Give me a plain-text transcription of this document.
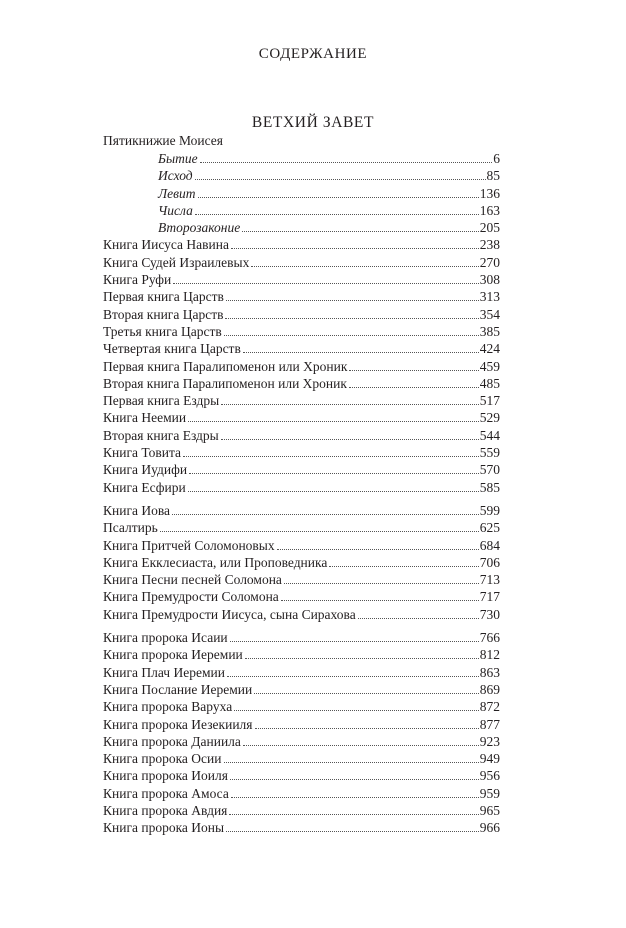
СОДЕРЖАНИЕ
ВЕТХИЙ ЗАВЕТ
Пятикнижие Моисея
Бытие	6
Исход	85
Левит	136
Числа	163
Второзаконие	205
Книга Иисуса Навина	238
Книга Судей Израилевых	270
Книга Руфи	308
Первая книга Царств	313
Вторая книга Царств	354
Третья книга Царств	385
Четвертая книга Царств	424
Первая книга Паралипоменон или Хроник	459
Вторая книга Паралипоменон или Хроник	485
Первая книга Ездры	517
Книга Неемии	529
Вторая книга Ездры	544
Книга Товита	559
Книга Иудифи	570
Книга Есфири	585
Книга Иова	599
Псалтирь	625
Книга Притчей Соломоновых	684
Книга Екклесиаста, или Проповедника	706
Книга Песни песней Соломона	713
Книга Премудрости Соломона	717
Книга Премудрости Иисуса, сына Сирахова	730
Книга пророка Исаии	766
Книга пророка Иеремии	812
Книга Плач Иеремии	863
Книга Послание Иеремии	869
Книга пророка Варуха	872
Книга пророка Иезекииля	877
Книга пророка Даниила	923
Книга пророка Осии	949
Книга пророка Иоиля	956
Книга пророка Амоса	959
Книга пророка Авдия	965
Книга пророка Ионы	966
